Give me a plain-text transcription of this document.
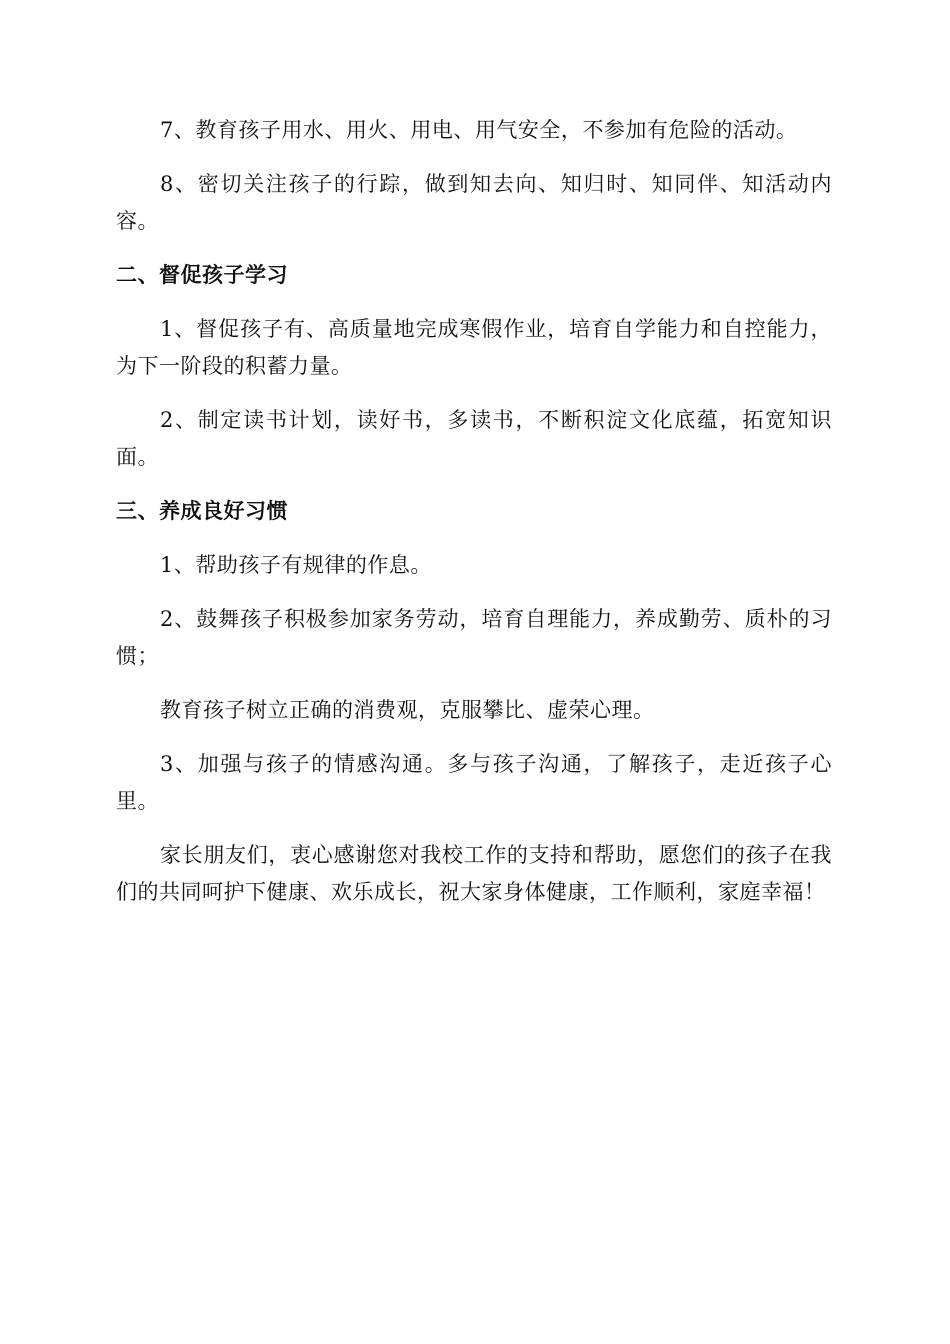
7、教育孩子用水、用火、用电、用气安全，不参加有危险的活动。

8、密切关注孩子的行踪，做到知去向、知归时、知同伴、知活动内容。

二、督促孩子学习

1、督促孩子有、高质量地完成寒假作业，培育自学能力和自控能力，为下一阶段的积蓄力量。

2、制定读书计划，读好书，多读书，不断积淀文化底蕴，拓宽知识面。

三、养成良好习惯

1、帮助孩子有规律的作息。

2、鼓舞孩子积极参加家务劳动，培育自理能力，养成勤劳、质朴的习惯；

教育孩子树立正确的消费观，克服攀比、虚荣心理。

3、加强与孩子的情感沟通。多与孩子沟通，了解孩子，走近孩子心里。

家长朋友们，衷心感谢您对我校工作的支持和帮助，愿您们的孩子在我们的共同呵护下健康、欢乐成长，祝大家身体健康，工作顺利，家庭幸福！
